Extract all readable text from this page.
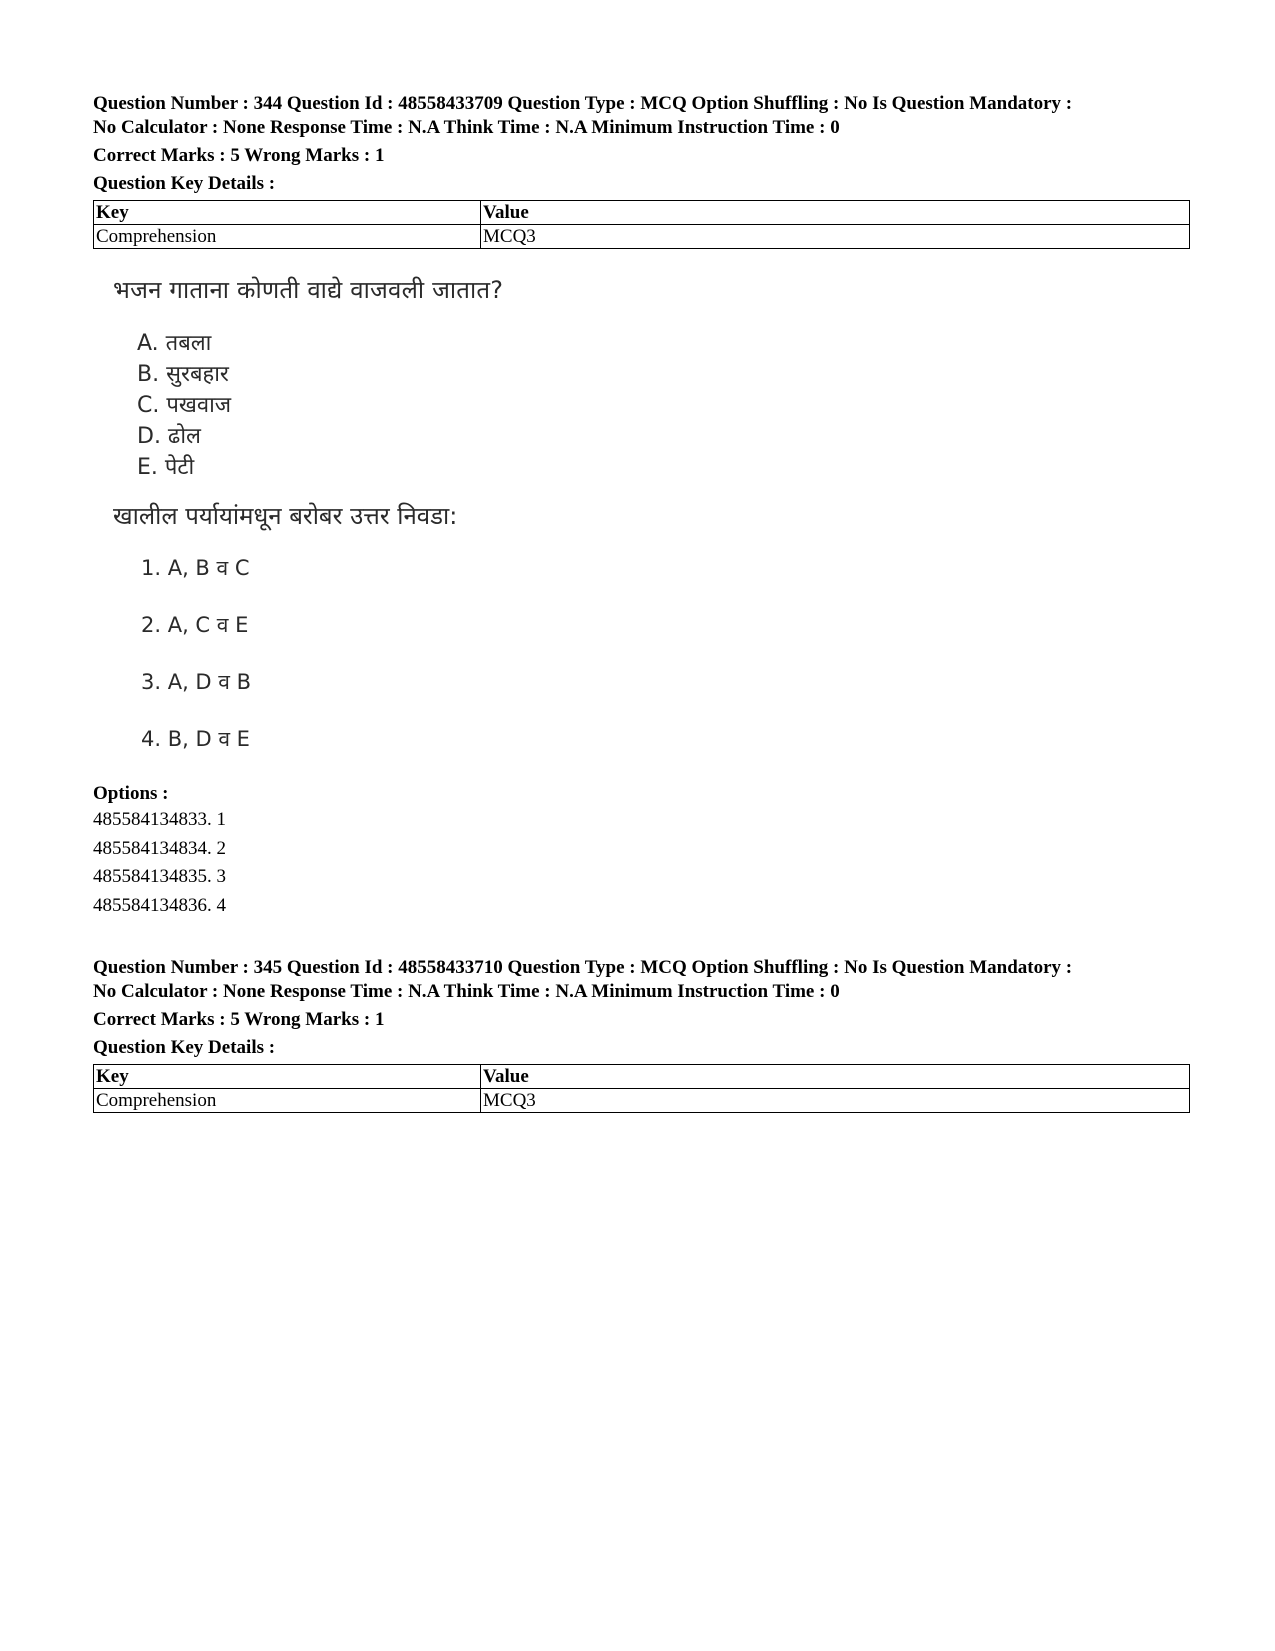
Question Number : 344 Question Id : 48558433709 Question Type : MCQ Option Shuffling : No Is Question Mandatory :
No Calculator : None Response Time : N.A Think Time : N.A Minimum Instruction Time : 0
Correct Marks : 5 Wrong Marks : 1
Question Key Details :
Key	Value
Comprehension	MCQ3
भजन गाताना कोणती वाद्ये वाजवली जातात?
A. तबला
B. सुरबहार
C. पखवाज
D. ढोल
E. पेटी
खालील पर्यायांमधून बरोबर उत्तर निवडा:
1. A, B व C
2. A, C व E
3. A, D व B
4. B, D व E
Options :
485584134833. 1
485584134834. 2
485584134835. 3
485584134836. 4
Question Number : 345 Question Id : 48558433710 Question Type : MCQ Option Shuffling : No Is Question Mandatory :
No Calculator : None Response Time : N.A Think Time : N.A Minimum Instruction Time : 0
Correct Marks : 5 Wrong Marks : 1
Question Key Details :
Key	Value
Comprehension	MCQ3
